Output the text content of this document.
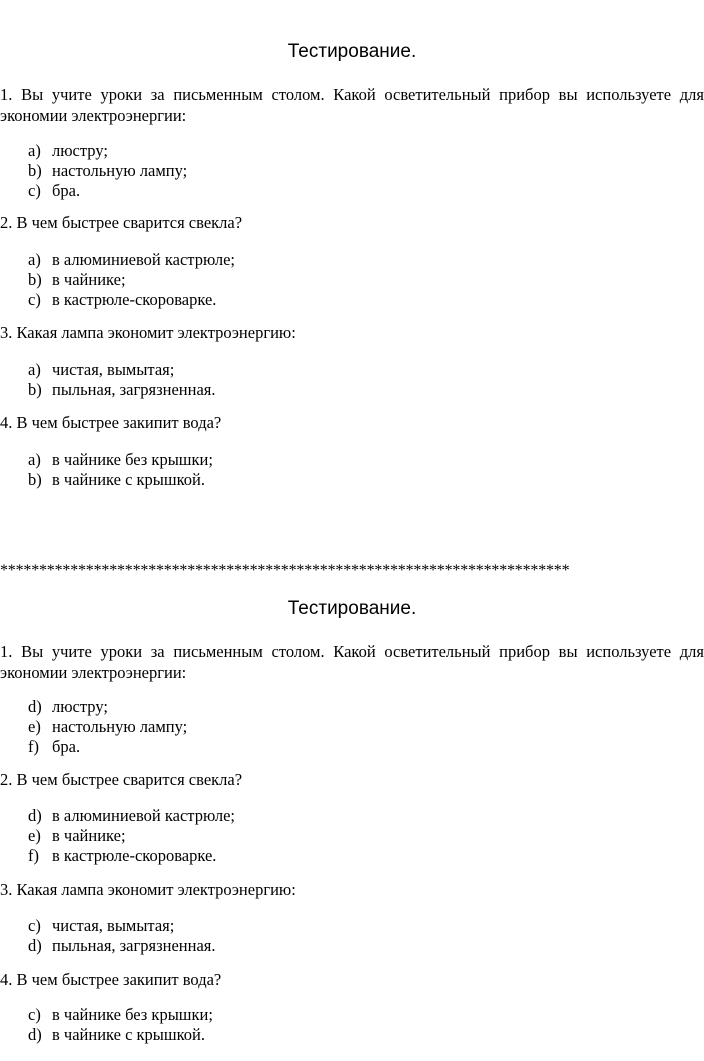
Тестирование.
1. Вы учите уроки за письменным столом. Какой осветительный прибор вы используете для экономии электроэнергии:
a) люстру;
b) настольную лампу;
c) бра.
2. В чем быстрее сварится свекла?
a) в алюминиевой кастрюле;
b) в чайнике;
c) в кастрюле-скороварке.
3. Какая лампа экономит электроэнергию:
a) чистая, вымытая;
b) пыльная, загрязненная.
4. В чем быстрее закипит вода?
a) в чайнике без крышки;
b) в чайнике с крышкой.
*************************************************************************
Тестирование.
1. Вы учите уроки за письменным столом. Какой осветительный прибор вы используете для экономии электроэнергии:
d) люстру;
e) настольную лампу;
f) бра.
2. В чем быстрее сварится свекла?
d) в алюминиевой кастрюле;
e) в чайнике;
f) в кастрюле-скороварке.
3. Какая лампа экономит электроэнергию:
c) чистая, вымытая;
d) пыльная, загрязненная.
4. В чем быстрее закипит вода?
c) в чайнике без крышки;
d) в чайнике с крышкой.
